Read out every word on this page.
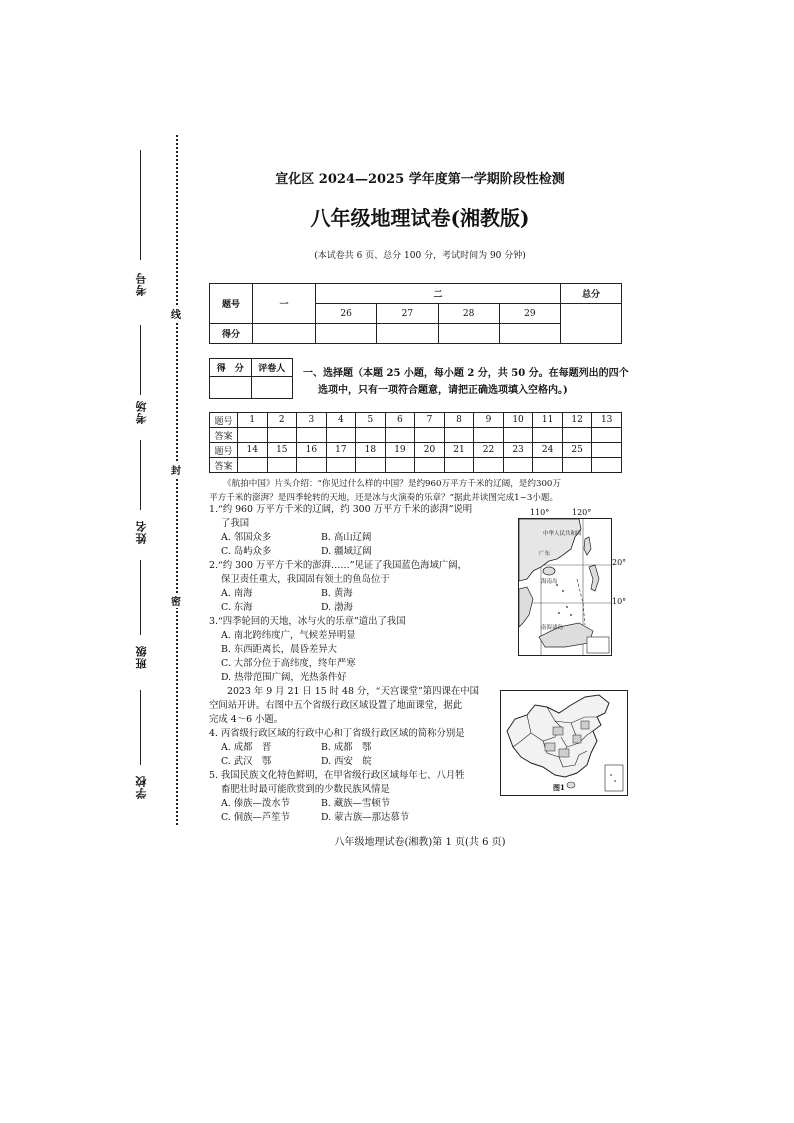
考号
考场
姓名
班级
学校
线
封
密
宣化区 2024—2025 学年度第一学期阶段性检测
八年级地理试卷(湘教版)
(本试卷共 6 页、总分 100 分，考试时间为 90 分钟)
题号	一	二				总分
		26	27	28	29	
得分						
得　分	评卷人
	一、选择题（本题 25 小题，每小题 2 分，共 50 分。在每题列出的四个
选项中，只有一项符合题意，请把正确选项填入空格内。)
题号	1	2	3	4	5	6	7	8	9	10	11	12	13
答案													
题号	14	15	16	17	18	19	20	21	22	23	24	25	
答案													
《航拍中国》片头介绍：“你见过什么样的中国？是约960万平方千米的辽阔，是约300万
平方千米的澎湃？是四季轮转的天地，还是冰与火演奏的乐章？”据此并读图完成1~3小题。
1.“约 960 万平方千米的辽阔，约 300 万平方千米的澎湃”说明
了我国
A. 邻国众多	B. 高山辽阔
C. 岛屿众多	D. 疆域辽阔
2.“约 300 万平方千米的澎湃……”见证了我国蓝色海域广阔，
保卫责任重大，我国固有领土的鱼岛位于
A. 南海	B. 黄海
C. 东海	D. 渤海
3.“四季轮回的天地，冰与火的乐章”道出了我国
A. 南北跨纬度广，气候差异明显
B. 东西距离长，晨昏差异大
C. 大部分位于高纬度，终年严寒
D. 热带范围广阔，光热条件好
2023 年 9 月 21 日 15 时 48 分，“天宫课堂”第四课在中国
空间站开讲。右图中五个省级行政区域设置了地面课堂，据此
完成 4～6 小题。
4. 丙省级行政区域的行政中心和丁省级行政区域的简称分别是
A. 成都　晋	B. 成都　鄂
C. 武汉　鄂	D. 西安　皖
5. 我国民族文化特色鲜明，在甲省级行政区域每年七、八月牲
畜肥壮时最可能欣赏到的少数民族风情是
A. 傣族—泼水节	B. 藏族—雪顿节
C. 侗族—芦笙节	D. 蒙古族—那达慕节
110°	120°
中华人民共和国
广东
海南岛
南海诸岛
20°
10°
图1
八年级地理试卷(湘教)第 1 页(共 6 页)
